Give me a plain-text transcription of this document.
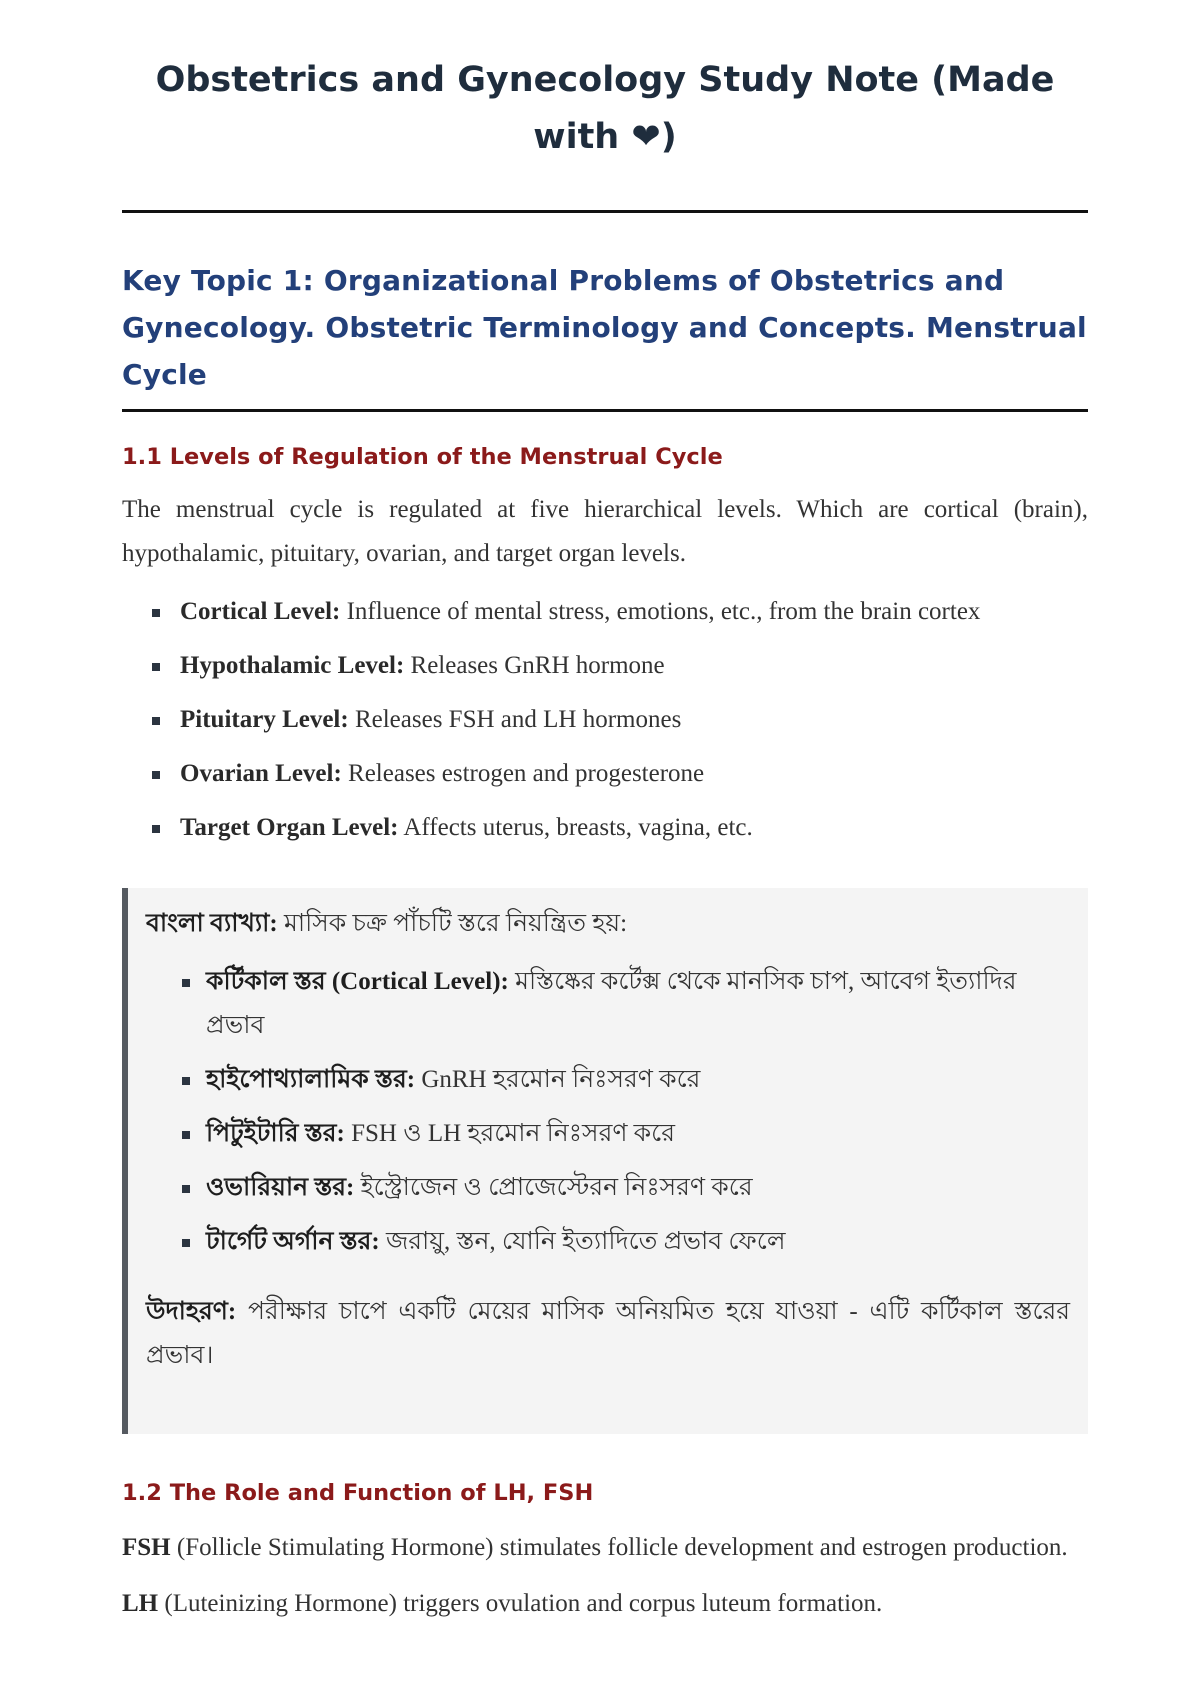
Obstetrics and Gynecology Study Note (Made with ❤)
Key Topic 1: Organizational Problems of Obstetrics and Gynecology. Obstetric Terminology and Concepts. Menstrual Cycle
1.1 Levels of Regulation of the Menstrual Cycle

The menstrual cycle is regulated at five hierarchical levels. Which are cortical (brain), hypothalamic, pituitary, ovarian, and target organ levels.

Cortical Level: Influence of mental stress, emotions, etc., from the brain cortex
Hypothalamic Level: Releases GnRH hormone
Pituitary Level: Releases FSH and LH hormones
Ovarian Level: Releases estrogen and progesterone
Target Organ Level: Affects uterus, breasts, vagina, etc.

বাংলা ব্যাখ্যা: মাসিক চক্র পাঁচটি স্তরে নিয়ন্ত্রিত হয়:

কর্টিকাল স্তর (Cortical Level): মস্তিষ্কের কর্টেক্স থেকে মানসিক চাপ, আবেগ ইত্যাদির প্রভাব
হাইপোথ্যালামিক স্তর: GnRH হরমোন নিঃসরণ করে
পিটুইটারি স্তর: FSH ও LH হরমোন নিঃসরণ করে
ওভারিয়ান স্তর: ইস্ট্রোজেন ও প্রোজেস্টেরন নিঃসরণ করে
টার্গেট অর্গান স্তর: জরায়ু, স্তন, যোনি ইত্যাদিতে প্রভাব ফেলে

উদাহরণ: পরীক্ষার চাপে একটি মেয়ের মাসিক অনিয়মিত হয়ে যাওয়া - এটি কর্টিকাল স্তরের প্রভাব।

1.2 The Role and Function of LH, FSH

FSH (Follicle Stimulating Hormone) stimulates follicle development and estrogen production.

LH (Luteinizing Hormone) triggers ovulation and corpus luteum formation.
